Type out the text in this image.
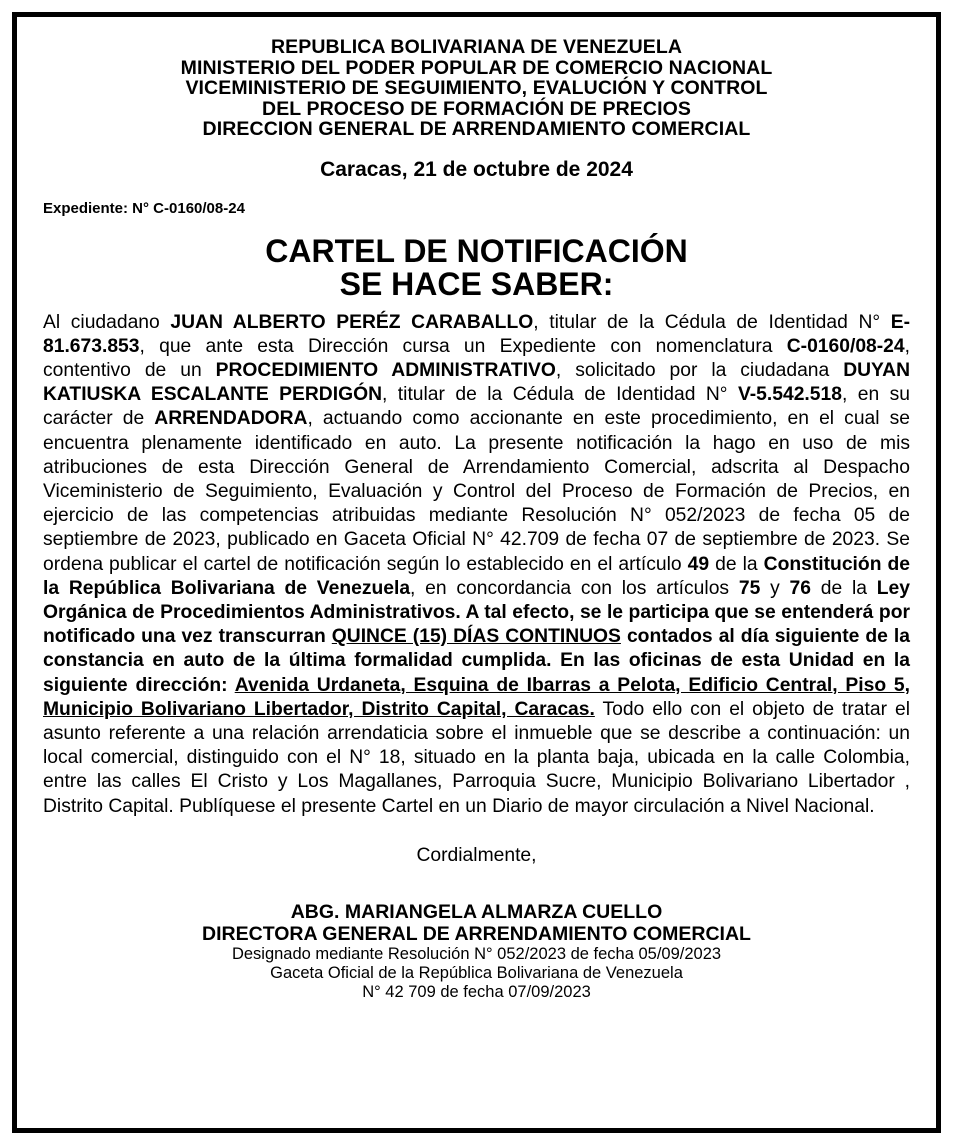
REPUBLICA BOLIVARIANA DE VENEZUELA
MINISTERIO DEL PODER POPULAR DE COMERCIO NACIONAL
VICEMINISTERIO DE SEGUIMIENTO, EVALUCIÓN Y CONTROL
DEL PROCESO DE FORMACIÓN DE PRECIOS
DIRECCION GENERAL DE ARRENDAMIENTO COMERCIAL
Caracas, 21 de octubre de 2024
Expediente: N° C-0160/08-24
CARTEL DE NOTIFICACIÓN
SE HACE SABER:
Al ciudadano JUAN ALBERTO PERÉZ CARABALLO, titular de la Cédula de Identidad N° E-81.673.853, que ante esta Dirección cursa un Expediente con nomenclatura C-0160/08-24, contentivo de un PROCEDIMIENTO ADMINISTRATIVO, solicitado por la ciudadana DUYAN KATIUSKA ESCALANTE PERDIGÓN, titular de la Cédula de Identidad N° V-5.542.518, en su carácter de ARRENDADORA, actuando como accionante en este procedimiento, en el cual se encuentra plenamente identificado en auto. La presente notificación la hago en uso de mis atribuciones de esta Dirección General de Arrendamiento Comercial, adscrita al Despacho Viceministerio de Seguimiento, Evaluación y Control del Proceso de Formación de Precios, en ejercicio de las competencias atribuidas mediante Resolución N° 052/2023 de fecha 05 de septiembre de 2023, publicado en Gaceta Oficial N° 42.709 de fecha 07 de septiembre de 2023. Se ordena publicar el cartel de notificación según lo establecido en el artículo 49 de la Constitución de la República Bolivariana de Venezuela, en concordancia con los artículos 75 y 76 de la Ley Orgánica de Procedimientos Administrativos. A tal efecto, se le participa que se entenderá por notificado una vez transcurran QUINCE (15) DÍAS CONTINUOS contados al día siguiente de la constancia en auto de la última formalidad cumplida. En las oficinas de esta Unidad en la siguiente dirección: Avenida Urdaneta, Esquina de Ibarras a Pelota, Edificio Central, Piso 5, Municipio Bolivariano Libertador, Distrito Capital, Caracas. Todo ello con el objeto de tratar el asunto referente a una relación arrendaticia sobre el inmueble que se describe a continuación: un local comercial, distinguido con el N° 18, situado en la planta baja, ubicada en la calle Colombia, entre las calles El Cristo y Los Magallanes, Parroquia Sucre, Municipio Bolivariano Libertador , Distrito Capital. Publíquese el presente Cartel en un Diario de mayor circulación a Nivel Nacional.
Cordialmente,
ABG. MARIANGELA ALMARZA CUELLO
DIRECTORA GENERAL DE ARRENDAMIENTO COMERCIAL
Designado mediante Resolución N° 052/2023 de fecha 05/09/2023
Gaceta Oficial de la República Bolivariana de Venezuela
N° 42 709 de fecha 07/09/2023
